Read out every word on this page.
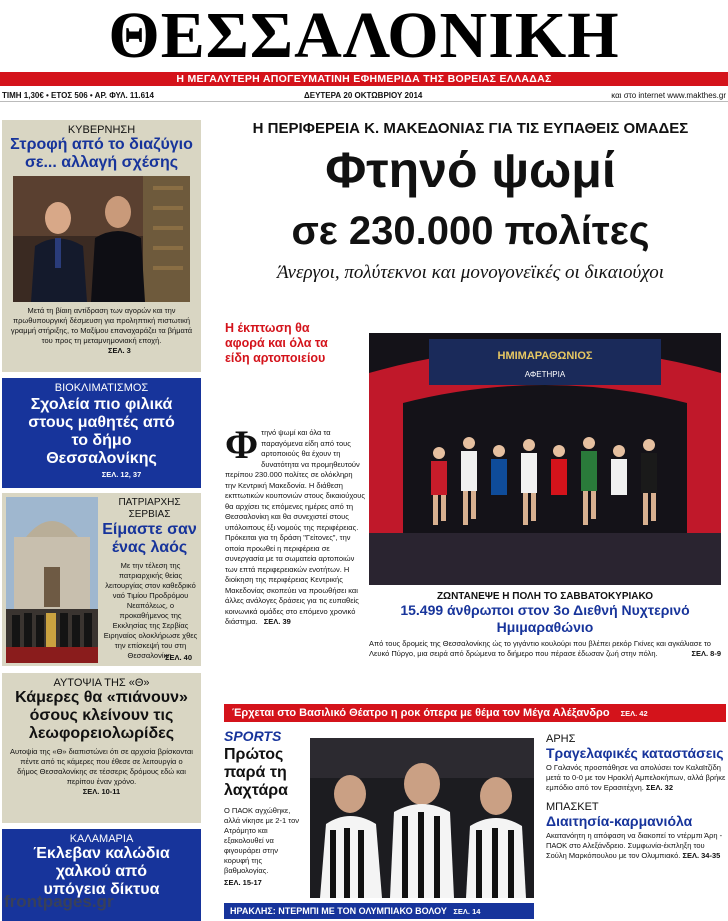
ΘΕΣΣΑΛΟΝΙΚΗ
Η ΜΕΓΑΛΥΤΕΡΗ ΑΠΟΓΕΥΜΑΤΙΝΗ ΕΦΗΜΕΡΙΔΑ ΤΗΣ ΒΟΡΕΙΑΣ ΕΛΛΑΔΑΣ
ΤΙΜΗ 1,30€ • ΕΤΟΣ 506 • ΑΡ. ΦΥΛ. 11.614	ΔΕΥΤΕΡΑ 20 ΟΚΤΩΒΡΙΟΥ 2014	και στο internet www.makthes.gr
ΚΥΒΕΡΝΗΣΗ
Στροφή από το διαζύγιο σε... αλλαγή σχέσης
Μετά τη βίαιη αντίδραση των αγορών και την πρωθυπουργική δέσμευση για προληπτική πιστωτική γραμμή στήριξης, το Μαξίμου επαναχαράζει τα βήματά του προς τη μεταμνημονιακή εποχή.
ΣΕΛ. 3
ΒΙΟΚΛΙΜΑΤΙΣΜΟΣ
Σχολεία πιο φιλικά στους μαθητές από το δήμο Θεσσαλονίκης
ΣΕΛ. 12, 37
ΠΑΤΡΙΑΡΧΗΣ ΣΕΡΒΙΑΣ
Είμαστε σαν ένας λαός
Με την τέλεση της πατριαρχικής θείας λειτουργίας στον καθεδρικό ναό Τιμίου Προδρόμου Νεαπόλεως, ο προκαθήμενος της Εκκλησίας της Σερβίας Ειρηναίος ολοκλήρωσε χθες την επίσκεψή του στη Θεσσαλονίκη.
ΣΕΛ. 40
ΑΥΤΟΨΙΑ ΤΗΣ «Θ»
Κάμερες θα «πιάνουν» όσους κλείνουν τις λεωφορειολωρίδες
Αυτοψία της «Θ» διαπιστώνει ότι σε αρχισία βρίσκονται πέντε από τις κάμερες που έθεσε σε λειτουργία ο δήμος Θεσσαλονίκης σε τέσσερις δρόμους εδώ και περίπου έναν χρόνο.
ΣΕΛ. 10-11
ΚΑΛΑΜΑΡΙΑ
Έκλεβαν καλώδια χαλκού από υπόγεια δίκτυα
Η ΠΕΡΙΦΕΡΕΙΑ Κ. ΜΑΚΕΔΟΝΙΑΣ ΓΙΑ ΤΙΣ ΕΥΠΑΘΕΙΣ ΟΜΑΔΕΣ
Φτηνό ψωμί
σε 230.000 πολίτες
Άνεργοι, πολύτεκνοι και μονογονεϊκές οι δικαιούχοι
Η έκπτωση θα αφορά και όλα τα είδη αρτοποιείου
Φ τηνό ψωμί και όλα τα παραγόμενα είδη από τους αρτοποιούς θα έχουν τη δυνατότητα να προμηθευτούν περίπου 230.000 πολίτες σε ολόκληρη την Κεντρική Μακεδονία. Η διάθεση εκπτωτικών κουπονιών στους δικαιούχους θα αρχίσει τις επόμενες ημέρες από τη Θεσσαλονίκη και θα συνεχιστεί στους υπόλοιπους έξι νομούς της περιφέρειας. Πρόκειται για τη δράση "Γείτονες", την οποία προωθεί η περιφέρεια σε συνεργασία με τα σωματεία αρτοποιών των επτά περιφερειακών ενοτήτων. Η διοίκηση της περιφέρειας Κεντρικής Μακεδονίας σκοπεύει να προωθήσει και άλλες ανάλογες δράσεις για τις ευπαθείς κοινωνικά ομάδες στο επόμενο χρονικό διάστημα. ΣΕΛ. 39
ΗΜΙΜΑΡΑΘΩΝΙΟΣ
ΑΦΕΤΗΡΙΑ
ΖΩΝΤΑΝΕΨΕ Η ΠΟΛΗ ΤΟ ΣΑΒΒΑΤΟΚΥΡΙΑΚΟ
15.499 άνθρωποι στον 3ο Διεθνή Νυχτερινό Ημιμαραθώνιο
Από τους δρομείς της Θεσσαλονίκης ώς το γιγάντιο κουλούρι που βλέπει ρεκόρ Γκίνες και αγκάλιασε το Λευκό Πύργο, μια σειρά από δρώμενα το διήμερο που πέρασε έδωσαν ζωή στην πόλη.	ΣΕΛ. 8-9
Έρχεται στο Βασιλικό Θέατρο η ροκ όπερα με θέμα τον Μέγα Αλέξανδρο ΣΕΛ. 42
SPORTS
Πρώτος παρά τη λαχτάρα
Ο ΠΑΟΚ αγχώθηκε, αλλά νίκησε με 2-1 τον Ατρόμητο και εξακολουθεί να φιγουράρει στην κορυφή της βαθμολογίας.
ΣΕΛ. 15-17
ΗΡΑΚΛΗΣ: ΝΤΕΡΜΠΙ ΜΕ ΤΟΝ ΟΛΥΜΠΙΑΚΟ ΒΟΛΟΥ ΣΕΛ. 14
ΑΡΗΣ
Τραγελαφικές καταστάσεις
Ο Γαλανός προσπάθησε να απολύσει τον Καλαϊτζίδη μετά το 0-0 με τον Ηρακλή Αμπελοκήπων, αλλά βρήκε εμπόδιο από τον Ερασιτέχνη. ΣΕΛ. 32
ΜΠΑΣΚΕΤ
Διαιτησία-καρμανιόλα
Ακατανόητη η απόφαση να διακοπεί το ντέρμπι Άρη - ΠΑΟΚ στο Αλεξάνδρειο. Συμφωνία-έκπληξη του Σούλη Μαρκόπουλου με τον Ολυμπιακό. ΣΕΛ. 34-35
frontpages.gr
